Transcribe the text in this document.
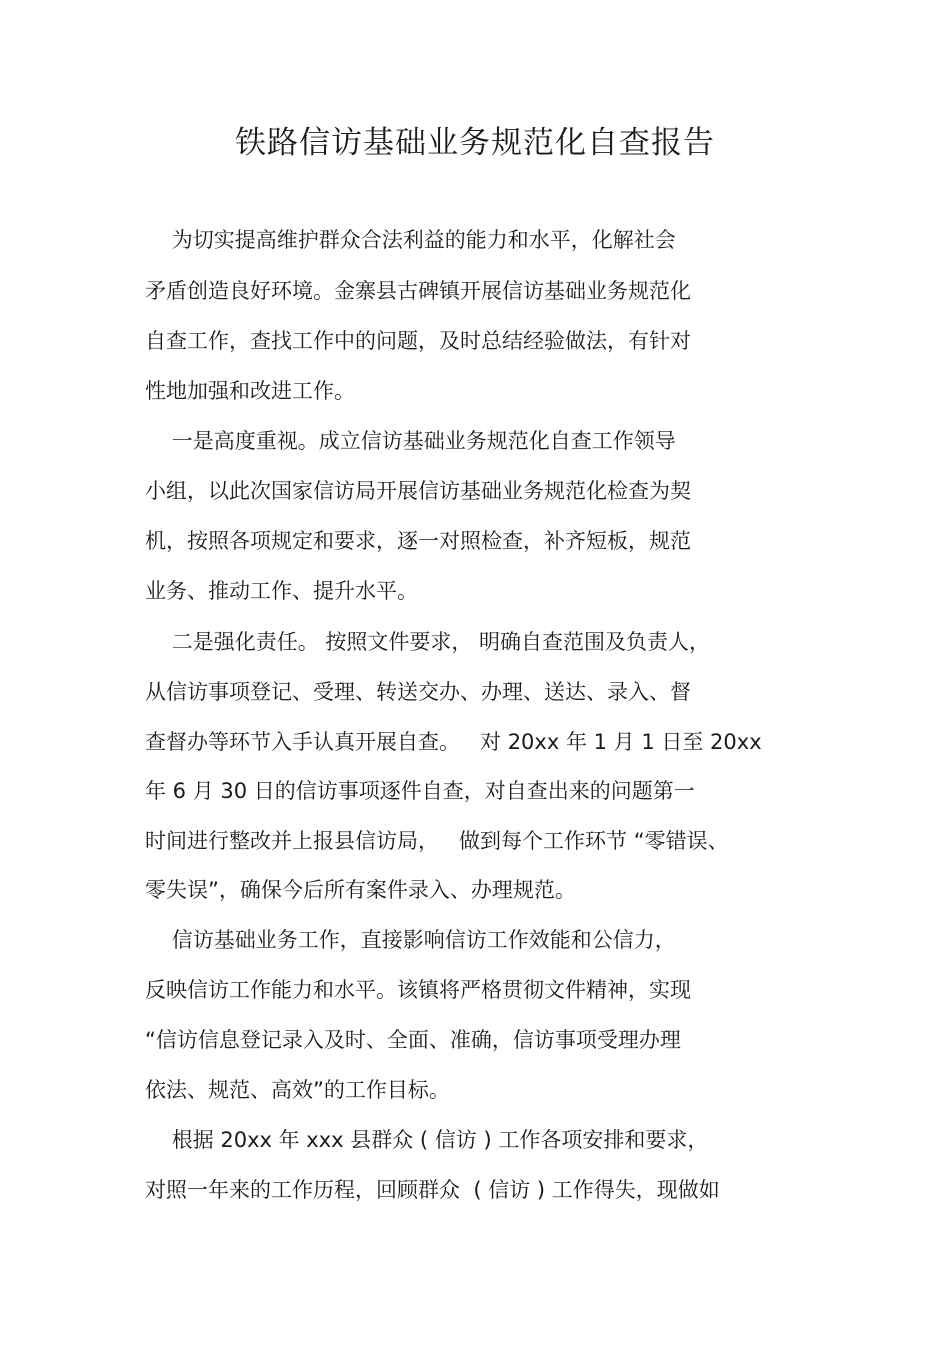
铁路信访基础业务规范化自查报告
为切实提高维护群众合法利益的能力和水平，化解社会
矛盾创造良好环境。金寨县古碑镇开展信访基础业务规范化
自查工作，查找工作中的问题，及时总结经验做法，有针对
性地加强和改进工作。
一是高度重视。成立信访基础业务规范化自查工作领导
小组，以此次国家信访局开展信访基础业务规范化检查为契
机，按照各项规定和要求，逐一对照检查，补齐短板，规范
业务、推动工作、提升水平。
二是强化责任。 按照文件要求， 明确自查范围及负责人，
从信访事项登记、受理、转送交办、办理、送达、录入、督
查督办等环节入手认真开展自查。   对 20xx 年 1 月 1 日至 20xx
年 6 月 30 日的信访事项逐件自查，对自查出来的问题第一
时间进行整改并上报县信访局，   做到每个工作环节 “零错误、
零失误”，确保今后所有案件录入、办理规范。
信访基础业务工作，直接影响信访工作效能和公信力，
反映信访工作能力和水平。该镇将严格贯彻文件精神，实现
“信访信息登记录入及时、全面、准确，信访事项受理办理
依法、规范、高效”的工作目标。
根据 20xx 年 xxx 县群众 ( 信访 ) 工作各项安排和要求，
对照一年来的工作历程，回顾群众  ( 信访 ) 工作得失，现做如
